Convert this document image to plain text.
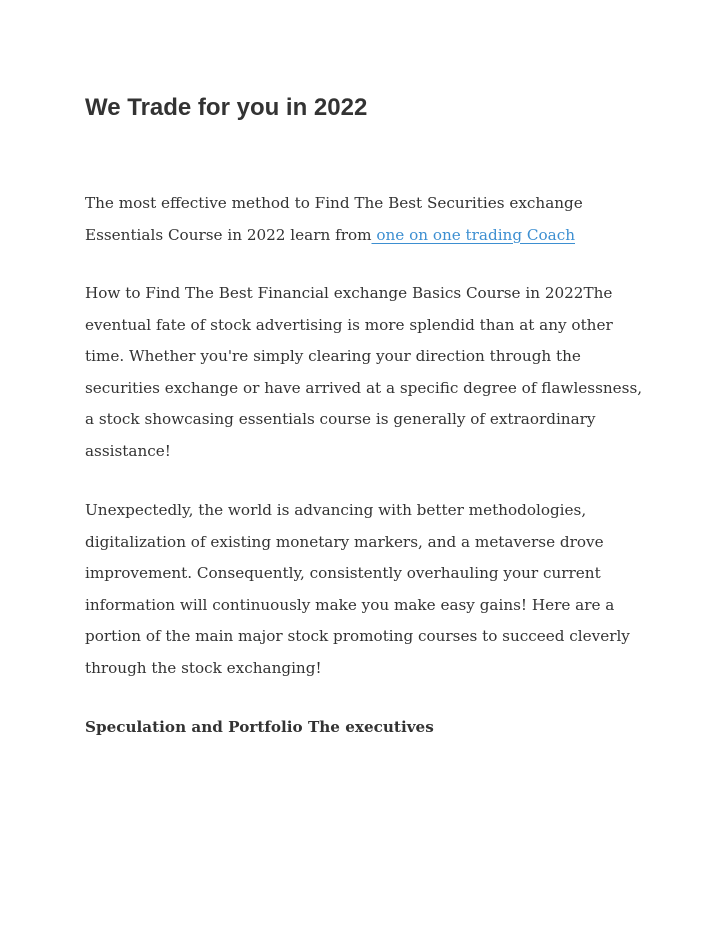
We Trade for you in 2022

The most effective method to Find The Best Securities exchange
Essentials Course in 2022 learn from one on one trading Coach

How to Find The Best Financial exchange Basics Course in 2022The
eventual fate of stock advertising is more splendid than at any other
time. Whether you're simply clearing your direction through the
securities exchange or have arrived at a specific degree of flawlessness,
a stock showcasing essentials course is generally of extraordinary
assistance!

Unexpectedly, the world is advancing with better methodologies,
digitalization of existing monetary markers, and a metaverse drove
improvement. Consequently, consistently overhauling your current
information will continuously make you make easy gains! Here are a
portion of the main major stock promoting courses to succeed cleverly
through the stock exchanging!

Speculation and Portfolio The executives
